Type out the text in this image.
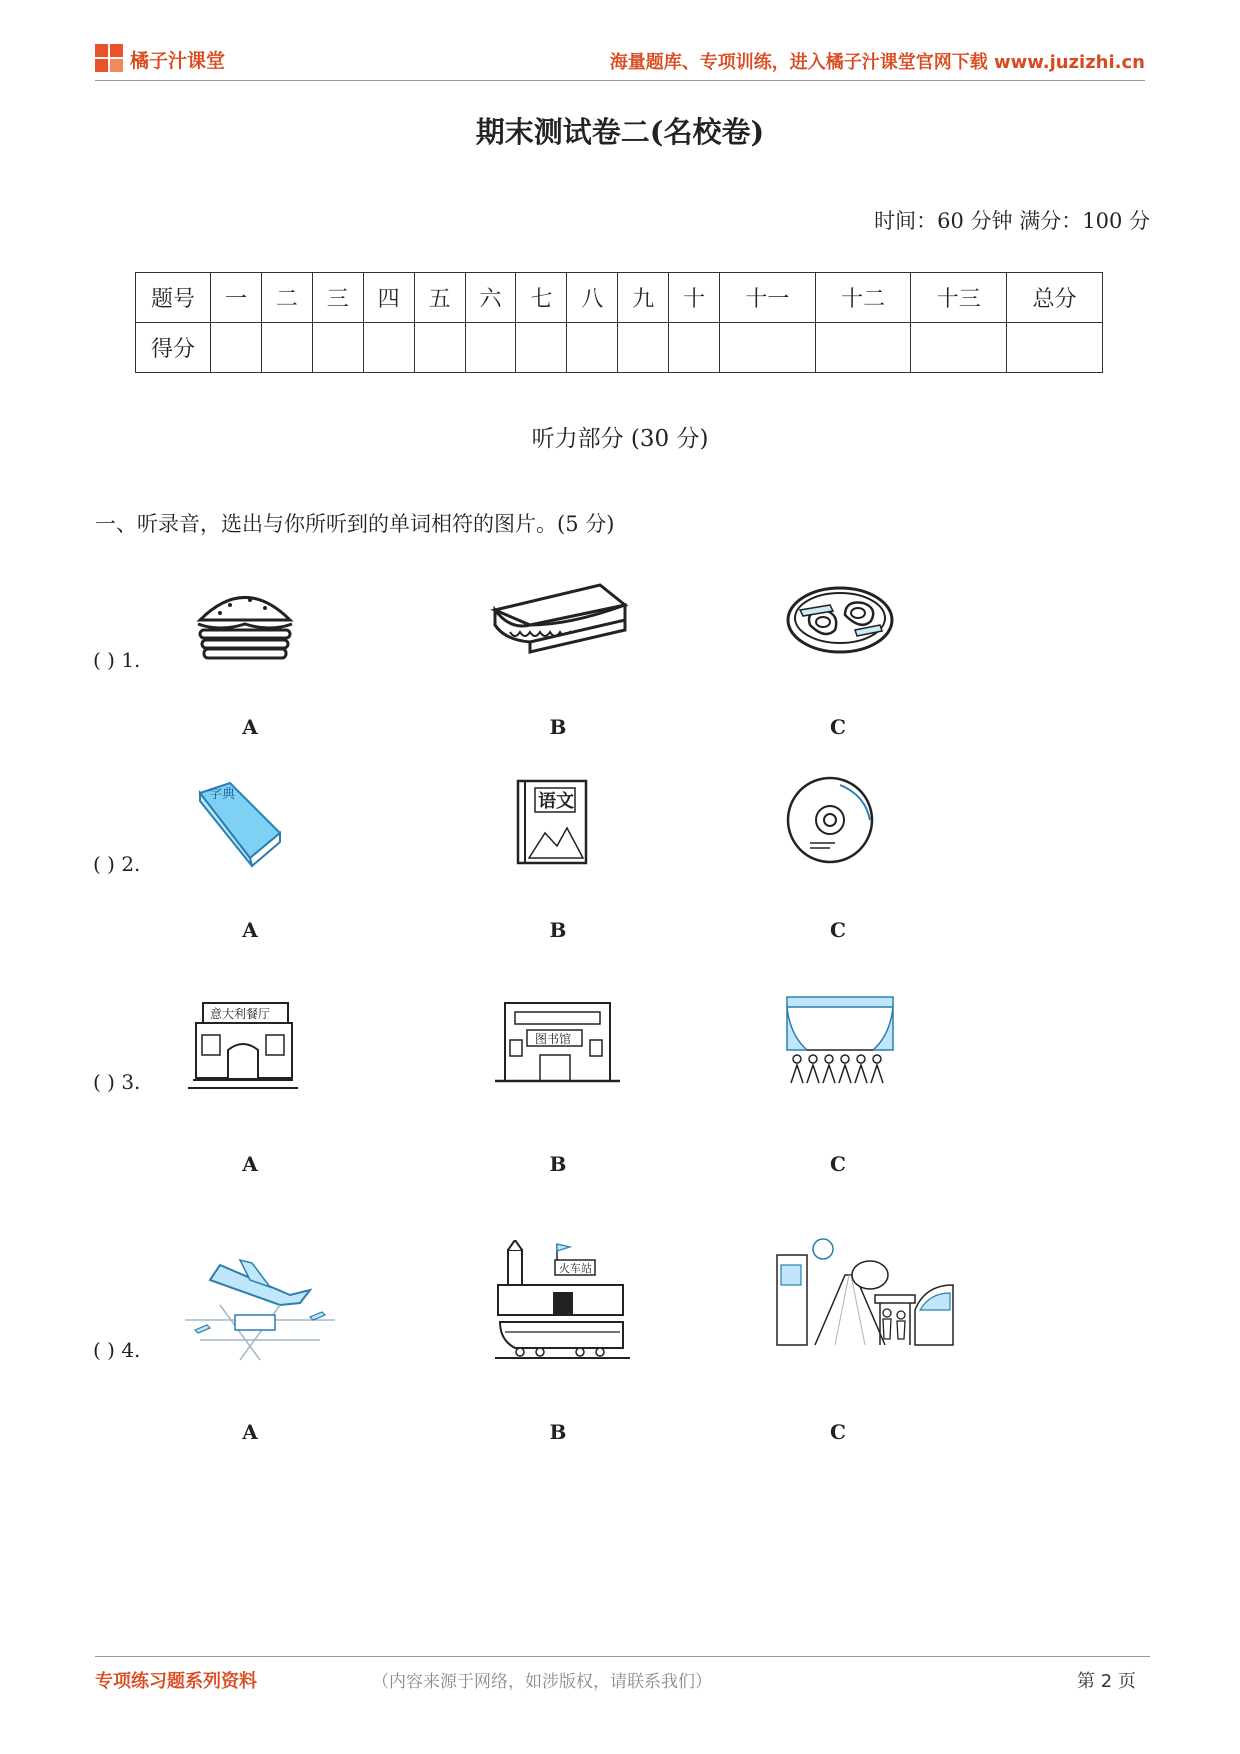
橘子汁课堂	海量题库、专项训练，进入橘子汁课堂官网下载 www.juzizhi.cn
期末测试卷二(名校卷)
时间：60 分钟 满分：100 分
题号	一	二	三	四	五	六	七	八	九	十	十一	十二	十三	总分
得分														
听力部分 (30 分)
一、听录音，选出与你所听到的单词相符的图片。(5 分)
( ) 1.
A	B	C
( ) 2.
字典	语文
A	B	C
( ) 3.
意大利餐厅
图书馆
A	B	C
( ) 4.
火车站
A	B	C
专项练习题系列资料	（内容来源于网络，如涉版权，请联系我们）	第 2 页
